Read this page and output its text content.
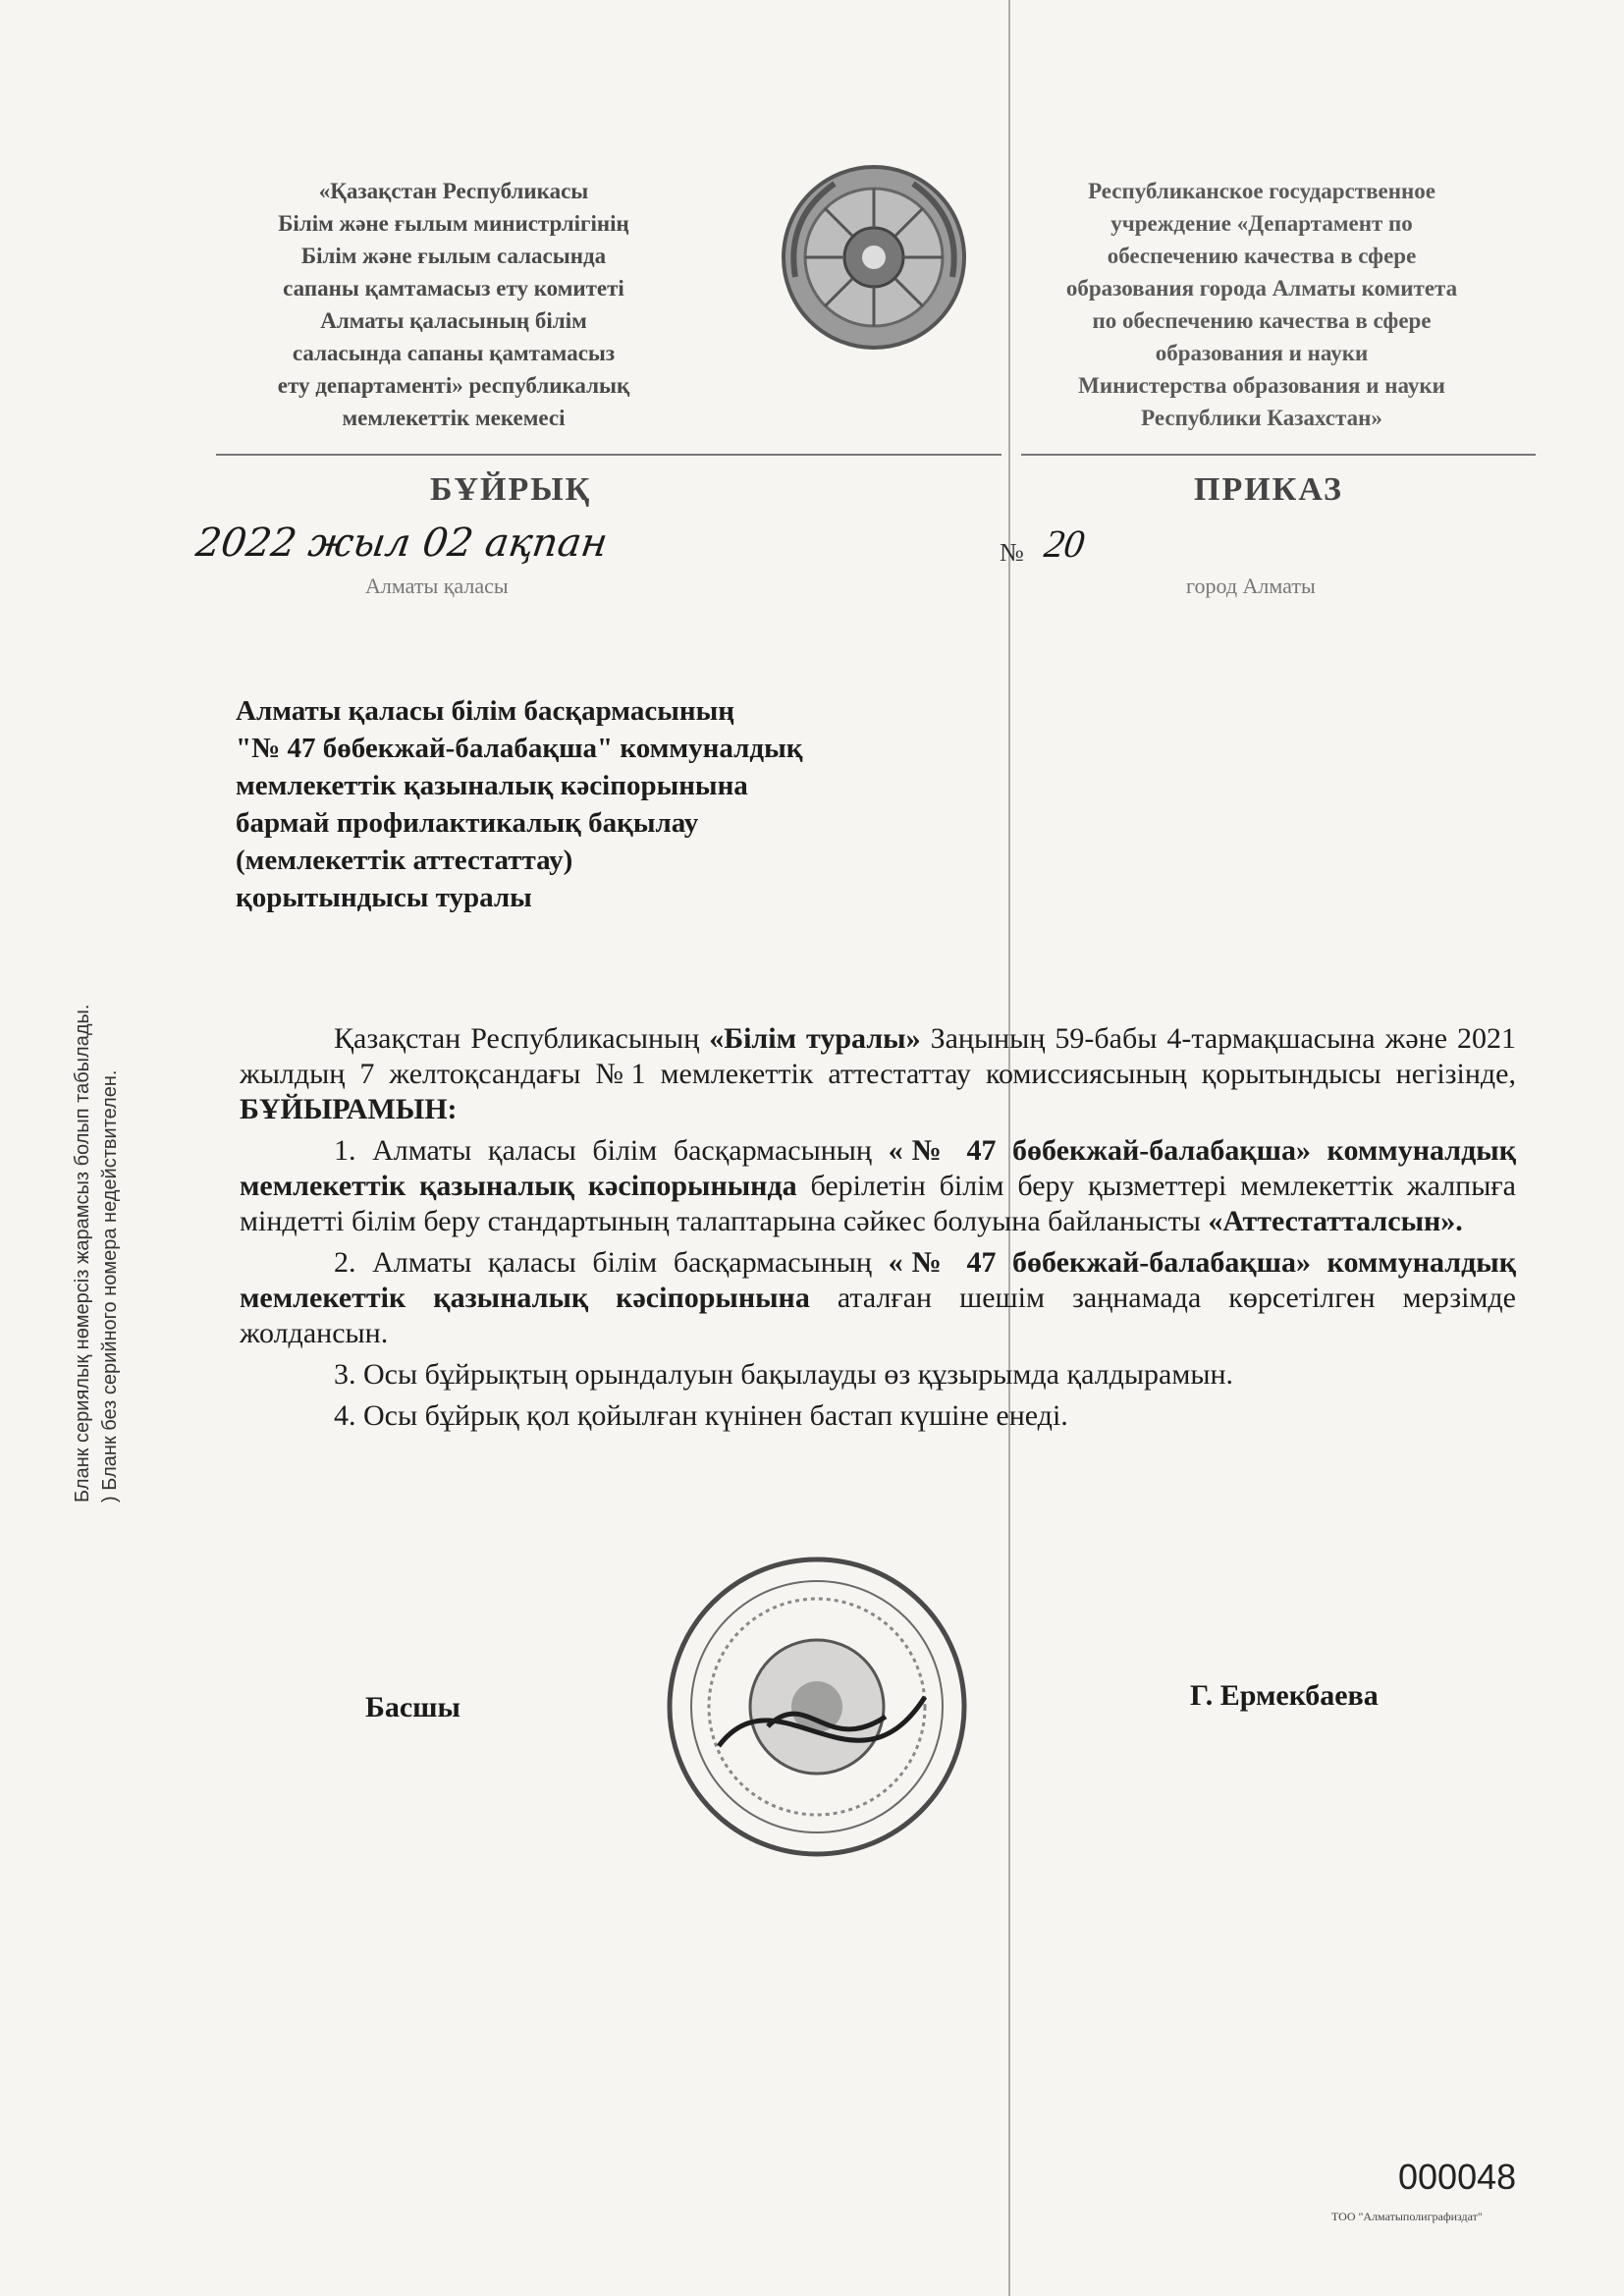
«Қазақстан Республикасы
Білім және ғылым министрлігінің
Білім және ғылым саласында
сапаны қамтамасыз ету комитеті
Алматы қаласының білім
саласында сапаны қамтамасыз
ету департаменті» республикалық
мемлекеттік мекемесі
Республиканское государственное
учреждение «Департамент по
обеспечению качества в сфере
образования города Алматы комитета
по обеспечению качества в сфере
образования и науки
Министерства образования и науки
Республики Казахстан»
БҰЙРЫҚ	ПРИКАЗ
2022 жыл 02 ақпан	№ 20
Алматы қаласы	город Алматы
Алматы қаласы білім басқармасының
"№ 47 бөбекжай-балабақша" коммуналдық
мемлекеттік қазыналық кәсіпорынына
бармай профилактикалық бақылау
(мемлекеттік аттестаттау)
қорытындысы туралы

Қазақстан Республикасының «Білім туралы» Заңының 59-бабы 4-тармақшасына және 2021 жылдың 7 желтоқсандағы №1 мемлекеттік аттестаттау комиссиясының қорытындысы негізінде, БҰЙЫРАМЫН:

1. Алматы қаласы білім басқармасының «№ 47 бөбекжай-балабақша» коммуналдық мемлекеттік қазыналық кәсіпорынында берілетін білім беру қызметтері мемлекеттік жалпыға міндетті білім беру стандартының талаптарына сәйкес болуына байланысты «Аттестатталсын».

2. Алматы қаласы білім басқармасының «№ 47 бөбекжай-балабақша» коммуналдық мемлекеттік қазыналық кәсіпорынына аталған шешім заңнамада көрсетілген мерзімде жолдансын.

3. Осы бұйрықтың орындалуын бақылауды өз құзырымда қалдырамын.

4. Осы бұйрық қол қойылған күнінен бастап күшіне енеді.

Басшы	Г. Ермекбаева
Бланк сериялық нөмерсіз жарамсыз болып табылады. ) Бланк без серийного номера недействителен.
000048
ТОО "Алматыполиграфиздат"
